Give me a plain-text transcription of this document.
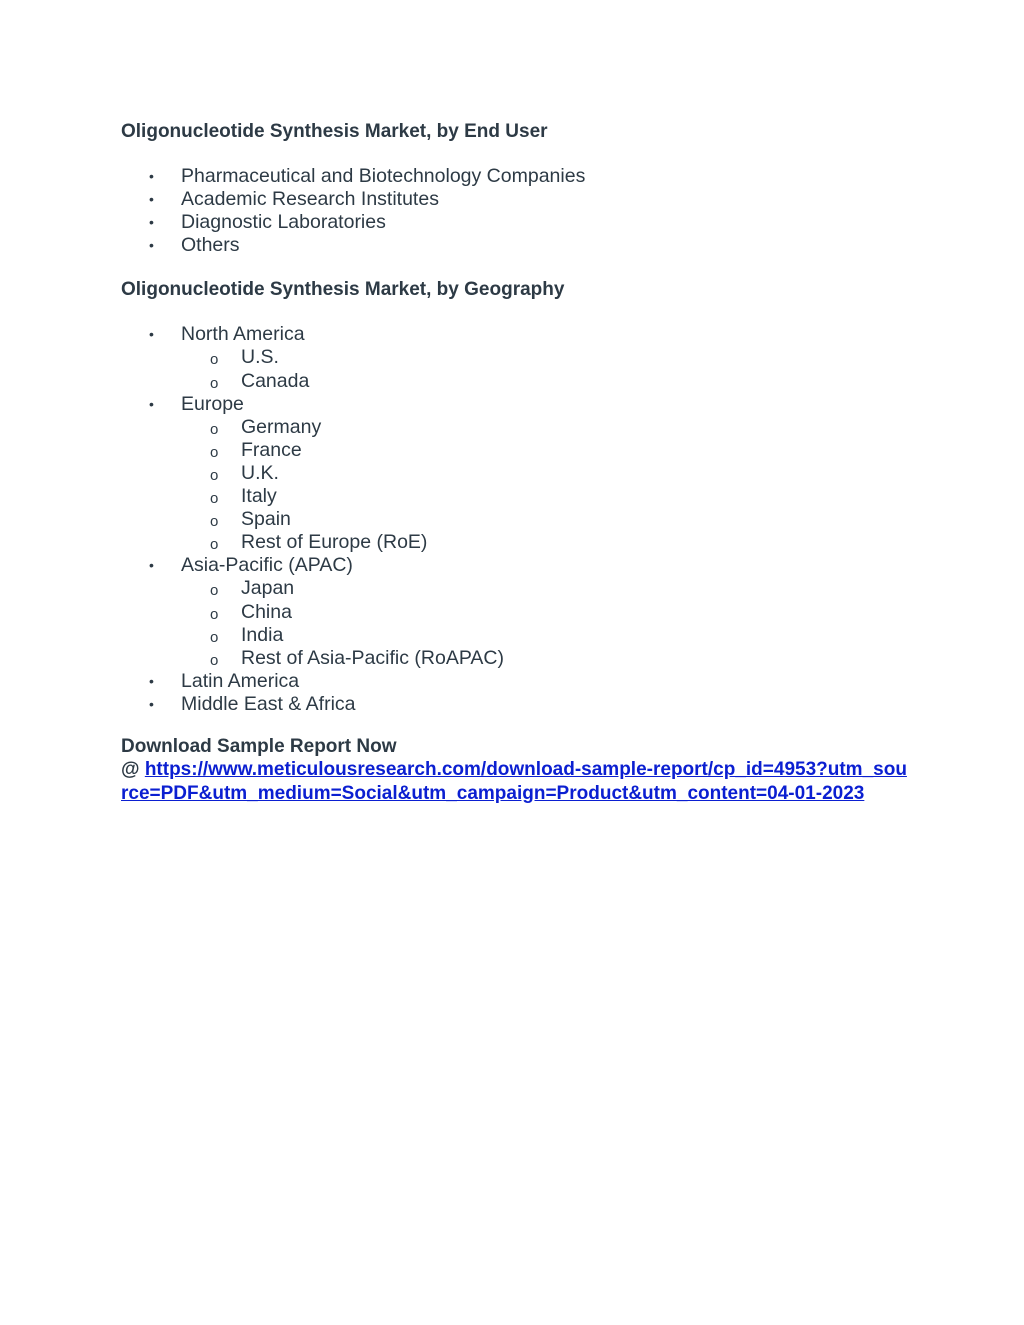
Oligonucleotide Synthesis Market, by End User
• Pharmaceutical and Biotechnology Companies
• Academic Research Institutes
• Diagnostic Laboratories
• Others
Oligonucleotide Synthesis Market, by Geography
• North America
o U.S.
o Canada
• Europe
o Germany
o France
o U.K.
o Italy
o Spain
o Rest of Europe (RoE)
• Asia-Pacific (APAC)
o Japan
o China
o India
o Rest of Asia-Pacific (RoAPAC)
• Latin America
• Middle East & Africa
Download Sample Report Now
@ https://www.meticulousresearch.com/download-sample-report/cp_id=4953?utm_source=PDF&utm_medium=Social&utm_campaign=Product&utm_content=04-01-2023
